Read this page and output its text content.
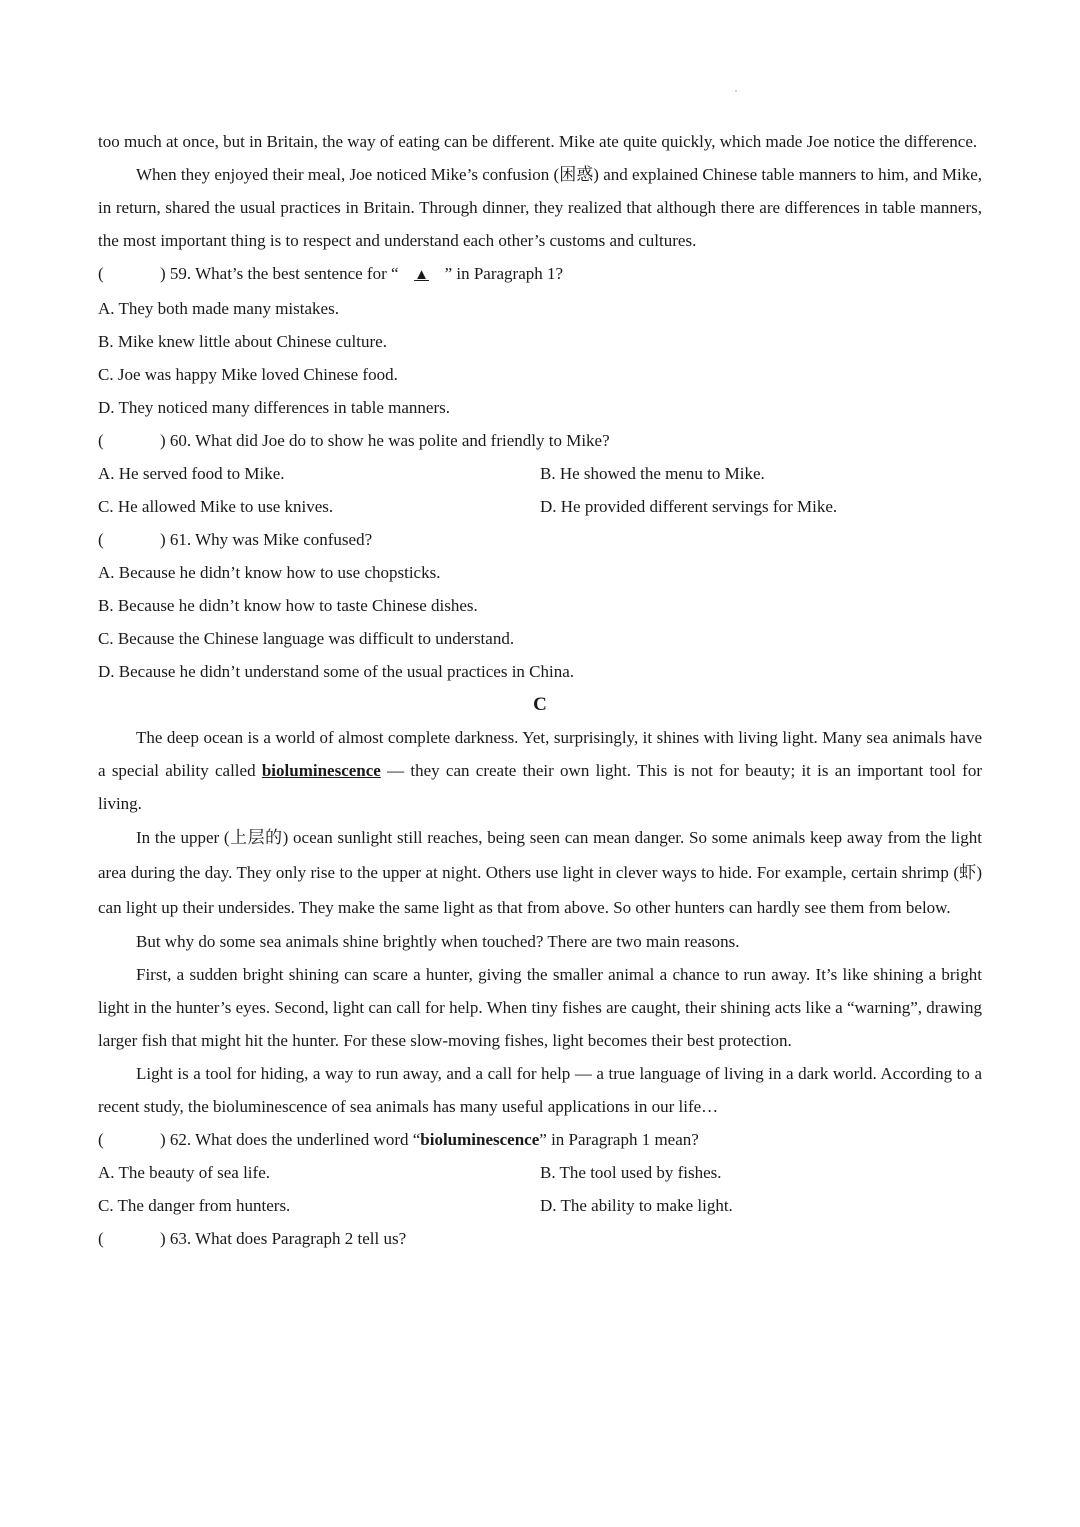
too much at once, but in Britain, the way of eating can be different. Mike ate quite quickly, which made Joe notice the difference.

When they enjoyed their meal, Joe noticed Mike’s confusion (困惑) and explained Chinese table manners to him, and Mike, in return, shared the usual practices in Britain. Through dinner, they realized that although there are differences in table manners, the most important thing is to respect and understand each other’s customs and cultures.

(	) 59. What’s the best sentence for “ ▲ ” in Paragraph 1?

A. They both made many mistakes.

B. Mike knew little about Chinese culture.

C. Joe was happy Mike loved Chinese food.

D. They noticed many differences in table manners.

(	) 60. What did Joe do to show he was polite and friendly to Mike?

A. He served food to Mike.	B. He showed the menu to Mike.

C. He allowed Mike to use knives.	D. He provided different servings for Mike.

(	) 61. Why was Mike confused?

A. Because he didn’t know how to use chopsticks.

B. Because he didn’t know how to taste Chinese dishes.

C. Because the Chinese language was difficult to understand.

D. Because he didn’t understand some of the usual practices in China.

C

The deep ocean is a world of almost complete darkness. Yet, surprisingly, it shines with living light. Many sea animals have a special ability called bioluminescence — they can create their own light. This is not for beauty; it is an important tool for living.

In the upper (上层的) ocean sunlight still reaches, being seen can mean danger. So some animals keep away from the light area during the day. They only rise to the upper at night. Others use light in clever ways to hide. For example, certain shrimp (虾) can light up their undersides. They make the same light as that from above. So other hunters can hardly see them from below.

But why do some sea animals shine brightly when touched? There are two main reasons.

First, a sudden bright shining can scare a hunter, giving the smaller animal a chance to run away. It’s like shining a bright light in the hunter’s eyes. Second, light can call for help. When tiny fishes are caught, their shining acts like a “warning”, drawing larger fish that might hit the hunter. For these slow-moving fishes, light becomes their best protection.

Light is a tool for hiding, a way to run away, and a call for help — a true language of living in a dark world. According to a recent study, the bioluminescence of sea animals has many useful applications in our life…

(	) 62. What does the underlined word “bioluminescence” in Paragraph 1 mean?

A. The beauty of sea life.	B. The tool used by fishes.

C. The danger from hunters.	D. The ability to make light.

(	) 63. What does Paragraph 2 tell us?
